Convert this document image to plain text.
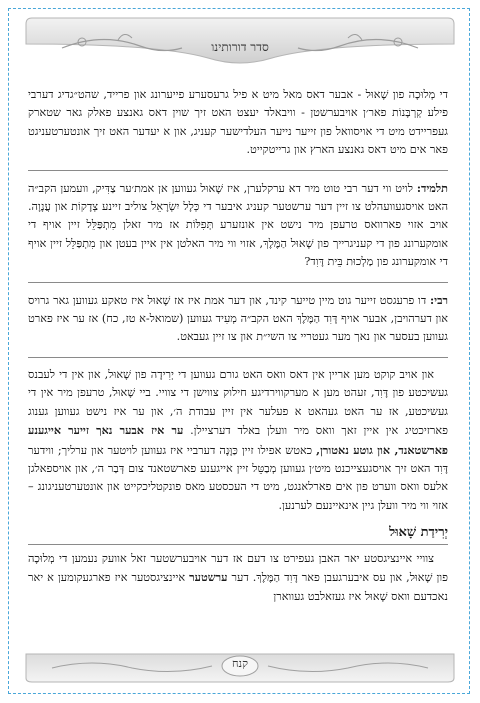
סדר דורותינו

די מְלוּכָה פון שָׁאוּל - אבער דאס מאל מיט א פיל גרעסערע פייערונג און פרייד, שהט״גדיג דערבי פילע קְרְבָּנוֹת פאר׳ן אויבערשטן - וויבאלד יעצט האט זיך שוין דאס גאנצע פאלק גאר שטארק געפריידט מיט די אויסוואל פון זייער נייער העלדישער קעניג, און א יעדער האט זיך אונטערטעניגט פאר אים מיט דאס גאנצע הארץ און גרייטקייט.

תלמיד: לויט ווי דער רבי טוט מיר דא ערקלערן, איז שָׁאוּל געווען אן אמת׳ער צַדִּיק, וועמען הקב״ה האט אויסגעוועהלט צו זיין דער ערשטער קעניג איבער די כְּלָל יִשְׂרָאֵל צוליב זיינע צְדָקוֹת און עֲנָוָה. אויב אזוי פארוואס טרעפן מיר נישט אין אונזערע תְּפִלּוֹת אז מיר זאלן מִתְפַּלֵּל זיין אויף די אומקערונג פון די קעניגרייך פון שָׁאוּל הַמֶּלֶךְ, אזוי ווי מיר האלטן אין איין בעטן און מִתְפַּלֵּל זיין אויף די אומקערונג פון מַלְכוּת בֵּית דָּוִד?

רבי: דו פרעגסט זייער גוט מיין טייער קינד, און דער אמת איז אז שָׁאוּל איז טאקע געווען גאר גרויס און דערהויבן, אבער אויף דָּוִד הַמֶּלֶךְ האט הקב״ה מְעִיד געווען (שמואל-א טז, כח) אז ער איז פארט געווען בעסער און נאך מער געטריי צו השי״ת און צו זיין געבאט.

און אויב קוקט מען אריין אין דאס וואס האט גורם געווען די יְרִידָה פון שָׁאוּל, און אין די לעבנס געשיכטע פון דָּוִד, זעהט מען א מערקווירדיגע חילוק צווישן די צוויי. ביי שָׁאוּל, טרעפן מיר אין די געשיכטע, אז ער האט געהאט א פעלער אין זיין עבודת ה׳, און ער איז נישט געווען גענוג פארזיכטיג אין איין זאך וואס מיר וועלן באלד דערציילן. ער איז אבער נאך זייער אייגענע פארשטאנד, און גוטע נאטורן, כאטש אפילו זיין כַּוָּנָה דערביי איז געווען לויטער און ערליך; ווידער דָּוִד האט זיך אויסגעצייכנט מיט׳ן געווען מְבַטֵּל זיין אייגענע פארשטאנד צום דְּבַר ה׳, און אויספאלגן אלעס וואס ווערט פון אים פארלאנגט, מיט די העכסטע מאס פונקטליכקייט און אונטערטעניגונג – אזוי ווי מיר וועלן גיין אינאיינעם לערנען.

יְרִידַת שָׁאוּל

צוויי איינציגסטע יאר האבן געפירט צו דעם אז דער אויבערשטער זאל אוועק נעמען די מְלוּכָה פון שָׁאוּל, און עס איבערגעבן פאר דָּוִד הַמֶּלֶךְ. דער ערשטער איינציגסטער איז פארגעקומען א יאר נאכדעם וואס שָׁאוּל איז געזאלבט געווארן

קנח
